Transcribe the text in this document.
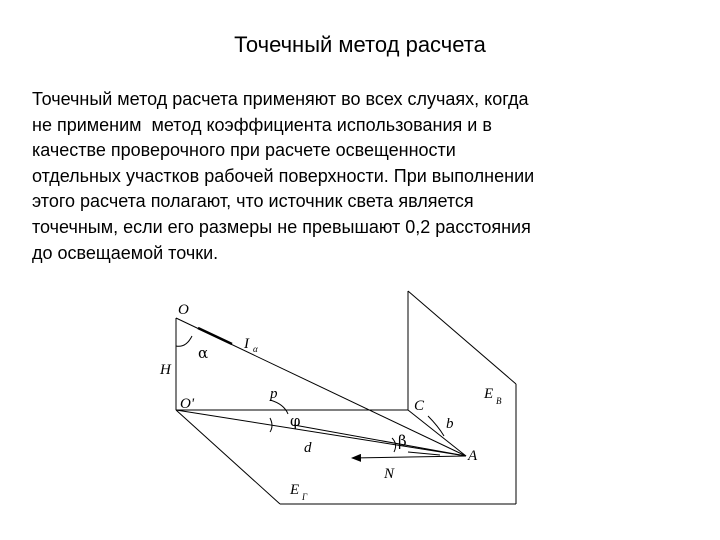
Точечный метод расчета
Точечный метод расчета применяют во всех случаях, когда
не применим  метод коэффициента использования и в
качестве проверочного при расчете освещенности
отдельных участков рабочей поверхности. При выполнении
этого расчета полагают, что источник света является
точечным, если его размеры не превышают 0,2 расстояния
до освещаемой точки.
O
I α
α
H
O'
p
C
E В
b
φ
d	β
A
N
E Г
